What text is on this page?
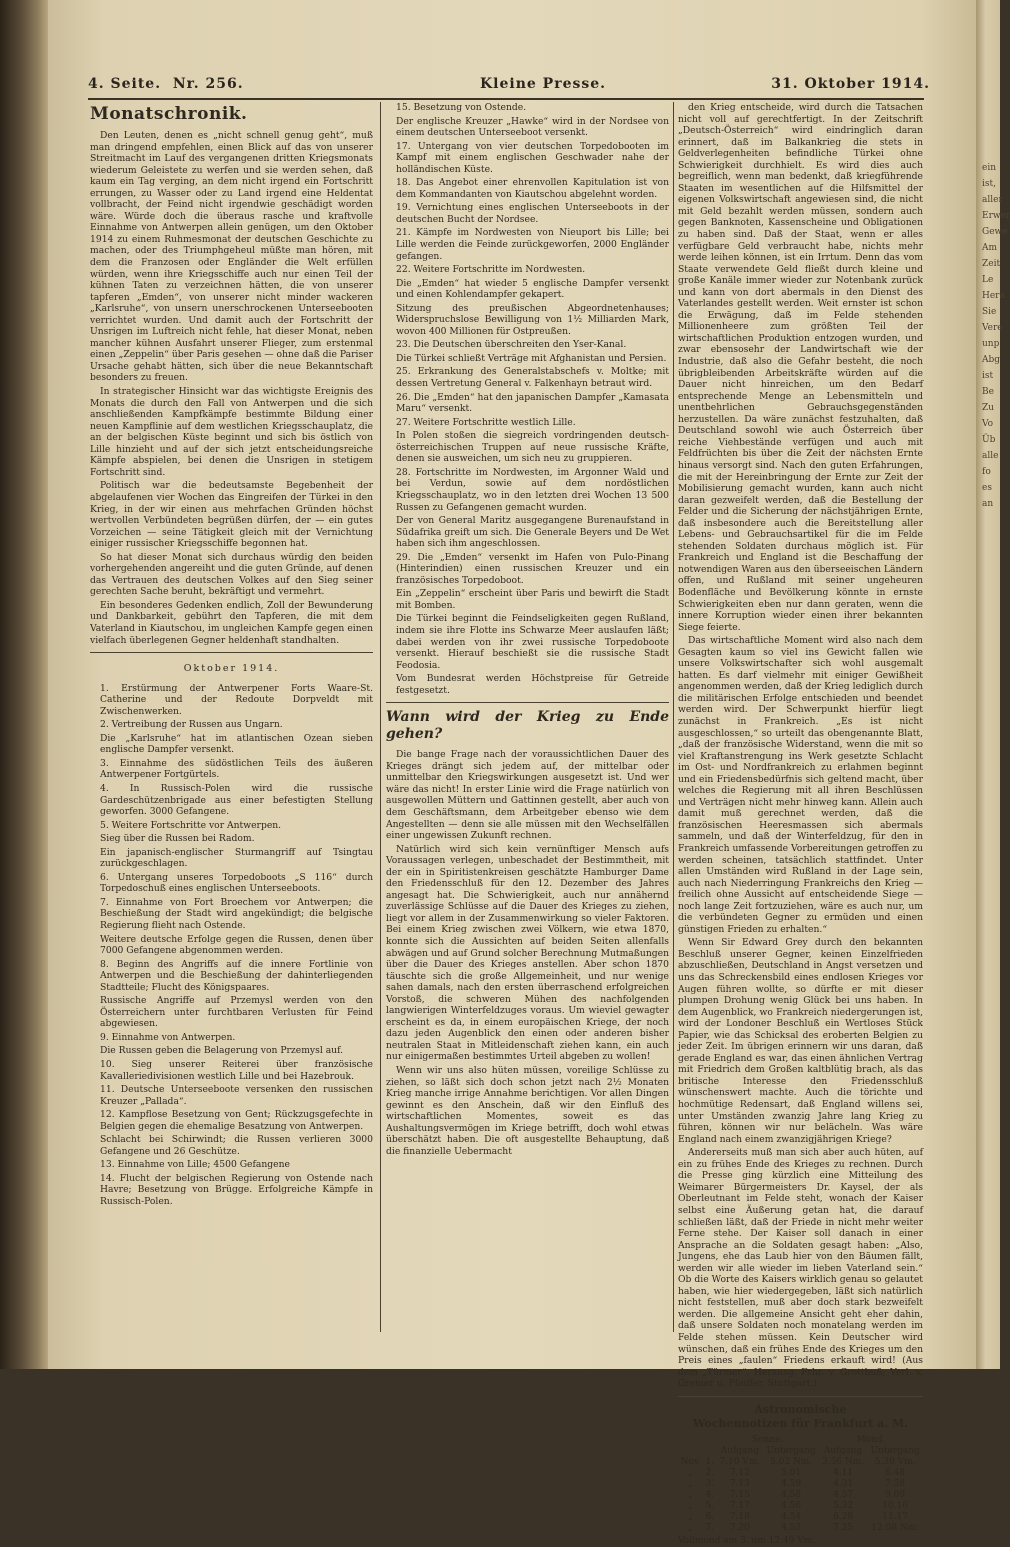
ein
ist,
aller
Erwer
Gewe
Am
Zeit
Le
Hera
Sie
Vere
unp
Abg
ist
Be
Zu
Vo
Üb
alle
fo
es
an
4. Seite. Nr. 256.	Kleine Presse.	31. Oktober 1914.
Monatschronik.

Den Leuten, denen es „nicht schnell genug geht“, muß man dringend empfehlen, einen Blick auf das von unserer Streitmacht im Lauf des vergangenen dritten Kriegsmonats wiederum Geleistete zu werfen und sie werden sehen, daß kaum ein Tag verging, an dem nicht irgend ein Fortschritt errungen, zu Wasser oder zu Land irgend eine Heldentat vollbracht, der Feind nicht irgendwie geschädigt worden wäre. Würde doch die überaus rasche und kraftvolle Einnahme von Antwerpen allein genügen, um den Oktober 1914 zu einem Ruhmesmonat der deutschen Geschichte zu machen, oder des Triumphgeheul müßte man hören, mit dem die Franzosen oder Engländer die Welt erfüllen würden, wenn ihre Kriegsschiffe auch nur einen Teil der kühnen Taten zu verzeichnen hätten, die von unserer tapferen „Emden“, von unserer nicht minder wackeren „Karlsruhe“, von unsern unerschrockenen Unterseebooten verrichtet wurden. Und damit auch der Fortschritt der Unsrigen im Luftreich nicht fehle, hat dieser Monat, neben mancher kühnen Ausfahrt unserer Flieger, zum erstenmal einen „Zeppelin“ über Paris gesehen — ohne daß die Pariser Ursache gehabt hätten, sich über die neue Bekanntschaft besonders zu freuen.

In strategischer Hinsicht war das wichtigste Ereignis des Monats die durch den Fall von Antwerpen und die sich anschließenden Kampfkämpfe bestimmte Bildung einer neuen Kampflinie auf dem westlichen Kriegsschauplatz, die an der belgischen Küste beginnt und sich bis östlich von Lille hinzieht und auf der sich jetzt entscheidungsreiche Kämpfe abspielen, bei denen die Unsrigen in stetigem Fortschritt sind.

Politisch war die bedeutsamste Begebenheit der abgelaufenen vier Wochen das Eingreifen der Türkei in den Krieg, in der wir einen aus mehrfachen Gründen höchst wertvollen Verbündeten begrüßen dürfen, der — ein gutes Vorzeichen — seine Tätigkeit gleich mit der Vernichtung einiger russischer Kriegsschiffe begonnen hat.

So hat dieser Monat sich durchaus würdig den beiden vorhergehenden angereiht und die guten Gründe, auf denen das Vertrauen des deutschen Volkes auf den Sieg seiner gerechten Sache beruht, bekräftigt und vermehrt.

Ein besonderes Gedenken endlich, Zoll der Bewunderung und Dankbarkeit, gebührt den Tapferen, die mit dem Vaterland in Kiautschou, im ungleichen Kampfe gegen einen vielfach überlegenen Gegner heldenhaft standhalten.

Oktober 1914.

1. Erstürmung der Antwerpener Forts Waare-St. Catherine und der Redoute Dorpveldt mit Zwischenwerken.

2. Vertreibung der Russen aus Ungarn.

Die „Karlsruhe“ hat im atlantischen Ozean sieben englische Dampfer versenkt.

3. Einnahme des südöstlichen Teils des äußeren Antwerpener Fortgürtels.

4. In Russisch-Polen wird die russische Gardeschützenbrigade aus einer befestigten Stellung geworfen. 3000 Gefangene.

5. Weitere Fortschritte vor Antwerpen.

Sieg über die Russen bei Radom.

Ein japanisch-englischer Sturmangriff auf Tsingtau zurückgeschlagen.

6. Untergang unseres Torpedoboots „S 116“ durch Torpedoschuß eines englischen Unterseeboots.

7. Einnahme von Fort Broechem vor Antwerpen; die Beschießung der Stadt wird angekündigt; die belgische Regierung flieht nach Ostende.

Weitere deutsche Erfolge gegen die Russen, denen über 7000 Gefangene abgenommen werden.

8. Beginn des Angriffs auf die innere Fortlinie von Antwerpen und die Beschießung der dahinterliegenden Stadtteile; Flucht des Königspaares.

Russische Angriffe auf Przemysl werden von den Österreichern unter furchtbaren Verlusten für Feind abgewiesen.

9. Einnahme von Antwerpen.

Die Russen geben die Belagerung von Przemysl auf.

10. Sieg unserer Reiterei über französische Kavalleriedivisionen westlich Lille und bei Hazebrouk.

11. Deutsche Unterseeboote versenken den russischen Kreuzer „Pallada“.

12. Kampflose Besetzung von Gent; Rückzugsgefechte in Belgien gegen die ehemalige Besatzung von Antwerpen.

Schlacht bei Schirwindt; die Russen verlieren 3000 Gefangene und 26 Geschütze.

13. Einnahme von Lille; 4500 Gefangene

14. Flucht der belgischen Regierung von Ostende nach Havre; Besetzung von Brügge. Erfolgreiche Kämpfe in Russisch-Polen.

15. Besetzung von Ostende.

Der englische Kreuzer „Hawke“ wird in der Nordsee von einem deutschen Unterseeboot versenkt.

17. Untergang von vier deutschen Torpedobooten im Kampf mit einem englischen Geschwader nahe der holländischen Küste.

18. Das Angebot einer ehrenvollen Kapitulation ist von dem Kommandanten von Kiautschou abgelehnt worden.

19. Vernichtung eines englischen Unterseeboots in der deutschen Bucht der Nordsee.

21. Kämpfe im Nordwesten von Nieuport bis Lille; bei Lille werden die Feinde zurückgeworfen, 2000 Engländer gefangen.

22. Weitere Fortschritte im Nordwesten.

Die „Emden“ hat wieder 5 englische Dampfer versenkt und einen Kohlendampfer gekapert.

Sitzung des preußischen Abgeordnetenhauses; Widerspruchslose Bewilligung von 1½ Milliarden Mark, wovon 400 Millionen für Ostpreußen.

23. Die Deutschen überschreiten den Yser-Kanal.

Die Türkei schließt Verträge mit Afghanistan und Persien.

25. Erkrankung des Generalstabschefs v. Moltke; mit dessen Vertretung General v. Falkenhayn betraut wird.

26. Die „Emden“ hat den japanischen Dampfer „Kamasata Maru“ versenkt.

27. Weitere Fortschritte westlich Lille.

In Polen stoßen die siegreich vordringenden deutsch-österreichischen Truppen auf neue russische Kräfte, denen sie ausweichen, um sich neu zu gruppieren.

28. Fortschritte im Nordwesten, im Argonner Wald und bei Verdun, sowie auf dem nordöstlichen Kriegsschauplatz, wo in den letzten drei Wochen 13 500 Russen zu Gefangenen gemacht wurden.

Der von General Maritz ausgegangene Burenaufstand in Südafrika greift um sich. Die Generale Beyers und De Wet haben sich ihm angeschlossen.

29. Die „Emden“ versenkt im Hafen von Pulo-Pinang (Hinterindien) einen russischen Kreuzer und ein französisches Torpedoboot.

Ein „Zeppelin“ erscheint über Paris und bewirft die Stadt mit Bomben.

Die Türkei beginnt die Feindseligkeiten gegen Rußland, indem sie ihre Flotte ins Schwarze Meer auslaufen läßt; dabei werden von ihr zwei russische Torpedoboote versenkt. Hierauf beschießt sie die russische Stadt Feodosia.

Vom Bundesrat werden Höchstpreise für Getreide festgesetzt.

Wann wird der Krieg zu Ende gehen?

Die bange Frage nach der voraussichtlichen Dauer des Krieges drängt sich jedem auf, der mittelbar oder unmittelbar den Kriegswirkungen ausgesetzt ist. Und wer wäre das nicht! In erster Linie wird die Frage natürlich von ausgewollen Müttern und Gattinnen gestellt, aber auch von dem Geschäftsmann, dem Arbeitgeber ebenso wie dem Angestellten — denn sie alle müssen mit den Wechselfällen einer ungewissen Zukunft rechnen.

Natürlich wird sich kein vernünftiger Mensch aufs Voraussagen verlegen, unbeschadet der Bestimmtheit, mit der ein in Spiritistenkreisen geschätzte Hamburger Dame den Friedensschluß für den 12. Dezember des Jahres angesagt hat. Die Schwierigkeit, auch nur annähernd zuverlässige Schlüsse auf die Dauer des Krieges zu ziehen, liegt vor allem in der Zusammenwirkung so vieler Faktoren. Bei einem Krieg zwischen zwei Völkern, wie etwa 1870, konnte sich die Aussichten auf beiden Seiten allenfalls abwägen und auf Grund solcher Berechnung Mutmaßungen über die Dauer des Krieges anstellen. Aber schon 1870 täuschte sich die große Allgemeinheit, und nur wenige sahen damals, nach den ersten überraschend erfolgreichen Vorstoß, die schweren Mühen des nachfolgenden langwierigen Winterfeldzuges voraus. Um wieviel gewagter erscheint es da, in einem europäischen Kriege, der noch dazu jeden Augenblick den einen oder anderen bisher neutralen Staat in Mitleidenschaft ziehen kann, ein auch nur einigermaßen bestimmtes Urteil abgeben zu wollen!

Wenn wir uns also hüten müssen, voreilige Schlüsse zu ziehen, so läßt sich doch schon jetzt nach 2½ Monaten Krieg manche irrige Annahme berichtigen. Vor allen Dingen gewinnt es den Anschein, daß wir den Einfluß des wirtschaftlichen Momentes, soweit es das Aushaltungsvermögen im Kriege betrifft, doch wohl etwas überschätzt haben. Die oft ausgestellte Behauptung, daß die finanzielle Uebermacht

den Krieg entscheide, wird durch die Tatsachen nicht voll auf gerechtfertigt. In der Zeitschrift „Deutsch-Österreich“ wird eindringlich daran erinnert, daß im Balkankrieg die stets in Geldverlegenheiten befindliche Türkei ohne Schwierigkeit durchhielt. Es wird dies auch begreiflich, wenn man bedenkt, daß kriegführende Staaten im wesentlichen auf die Hilfsmittel der eigenen Volkswirtschaft angewiesen sind, die nicht mit Geld bezahlt werden müssen, sondern auch gegen Banknoten, Kassenscheine und Obligationen zu haben sind. Daß der Staat, wenn er alles verfügbare Geld verbraucht habe, nichts mehr werde leihen können, ist ein Irrtum. Denn das vom Staate verwendete Geld fließt durch kleine und große Kanäle immer wieder zur Notenbank zurück und kann von dort abermals in den Dienst des Vaterlandes gestellt werden. Weit ernster ist schon die Erwägung, daß im Felde stehenden Millionenheere zum größten Teil der wirtschaftlichen Produktion entzogen wurden, und zwar ebensosehr der Landwirtschaft wie der Industrie, daß also die Gefahr besteht, die noch übrigbleibenden Arbeitskräfte würden auf die Dauer nicht hinreichen, um den Bedarf entsprechende Menge an Lebensmitteln und unentbehrlichen Gebrauchsgegenständen herzustellen. Da wäre zunächst festzuhalten, daß Deutschland sowohl wie auch Österreich über reiche Viehbestände verfügen und auch mit Feldfrüchten bis über die Zeit der nächsten Ernte hinaus versorgt sind. Nach den guten Erfahrungen, die mit der Hereinbringung der Ernte zur Zeit der Mobilisierung gemacht wurden, kann auch nicht daran gezweifelt werden, daß die Bestellung der Felder und die Sicherung der nächstjährigen Ernte, daß insbesondere auch die Bereitstellung aller Lebens- und Gebrauchsartikel für die im Felde stehenden Soldaten durchaus möglich ist. Für Frankreich und England ist die Beschaffung der notwendigen Waren aus den überseeischen Ländern offen, und Rußland mit seiner ungeheuren Bodenfläche und Bevölkerung könnte in ernste Schwierigkeiten eben nur dann geraten, wenn die innere Korruption wieder einen ihrer bekannten Siege feierte.

Das wirtschaftliche Moment wird also nach dem Gesagten kaum so viel ins Gewicht fallen wie unsere Volkswirtschafter sich wohl ausgemalt hatten. Es darf vielmehr mit einiger Gewißheit angenommen werden, daß der Krieg lediglich durch die militärischen Erfolge entschieden und beendet werden wird. Der Schwerpunkt hierfür liegt zunächst in Frankreich. „Es ist nicht ausgeschlossen,“ so urteilt das obengenannte Blatt, „daß der französische Widerstand, wenn die mit so viel Kraftanstrengung ins Werk gesetzte Schlacht im Ost- und Nordfrankreich zu erlahmen beginnt und ein Friedensbedürfnis sich geltend macht, über welches die Regierung mit all ihren Beschlüssen und Verträgen nicht mehr hinweg kann. Allein auch damit muß gerechnet werden, daß die französischen Heeresmassen sich abermals sammeln, und daß der Winterfeldzug, für den in Frankreich umfassende Vorbereitungen getroffen zu werden scheinen, tatsächlich stattfindet. Unter allen Umständen wird Rußland in der Lage sein, auch nach Niederringung Frankreichs den Krieg — freilich ohne Aussicht auf entscheidende Siege — noch lange Zeit fortzuziehen, wäre es auch nur, um die verbündeten Gegner zu ermüden und einen günstigen Frieden zu erhalten.“

Wenn Sir Edward Grey durch den bekannten Beschluß unserer Gegner, keinen Einzelfrieden abzuschließen, Deutschland in Angst versetzen und uns das Schreckensbild eines endlosen Krieges vor Augen führen wollte, so dürfte er mit dieser plumpen Drohung wenig Glück bei uns haben. In dem Augenblick, wo Frankreich niedergerungen ist, wird der Londoner Beschluß ein Wertloses Stück Papier, wie das Schicksal des eroberten Belgien zu jeder Zeit. Im übrigen erinnern wir uns daran, daß gerade England es war, das einen ähnlichen Vertrag mit Friedrich dem Großen kaltblütig brach, als das britische Interesse den Friedensschluß wünschenswert machte. Auch die törichte und hochmütige Redensart, daß England willens sei, unter Umständen zwanzig Jahre lang Krieg zu führen, können wir nur belächeln. Was wäre England nach einem zwanzigjährigen Kriege?

Andererseits muß man sich aber auch hüten, auf ein zu frühes Ende des Krieges zu rechnen. Durch die Presse ging kürzlich eine Mitteilung des Weimarer Bürgermeisters Dr. Kaysel, der als Oberleutnant im Felde steht, wonach der Kaiser selbst eine Äußerung getan hat, die darauf schließen läßt, daß der Friede in nicht mehr weiter Ferne stehe. Der Kaiser soll danach in einer Ansprache an die Soldaten gesagt haben: „Also, Jungens, ehe das Laub hier von den Bäumen fällt, werden wir alle wieder im lieben Vaterland sein.“ Ob die Worte des Kaisers wirklich genau so gelautet haben, wie hier wiedergegeben, läßt sich natürlich nicht feststellen, muß aber doch stark bezweifelt werden. Die allgemeine Ansicht geht eher dahin, daß unsere Soldaten noch monatelang werden im Felde stehen müssen. Kein Deutscher wird wünschen, daß ein frühes Ende des Krieges um den Preis eines „faulen“ Friedens erkauft wird! (Aus dem „Türmer“, Herausg. Frhr. v. Grotthuß; Verl. v. Greiner u. Pfeiffer, Stuttgart.)

Astronomische
Wochennotizen für Frankfurt a. M.
		Sonne.		Mond.	
		Aufgang	Untergang	Aufgang	Untergang
Nov.	1.	7.10 Vm.	5.02 Nm.	3.56 Nm.	5.39 Vm.
„	2.	7.12	5.01	4.11	6.48
„	3.	7.13	4.59	4.31	7.58
„	4.	7.15	4.58	4.57	9.09
„	5.	7.17	4.56	5.32	10.16
„	6.	7.18	4.54	6.28	11.17
„	7.	7.20	4.53	7.25	12.08 Nm.
Vollmond am 3. um 12.49 Vm.
